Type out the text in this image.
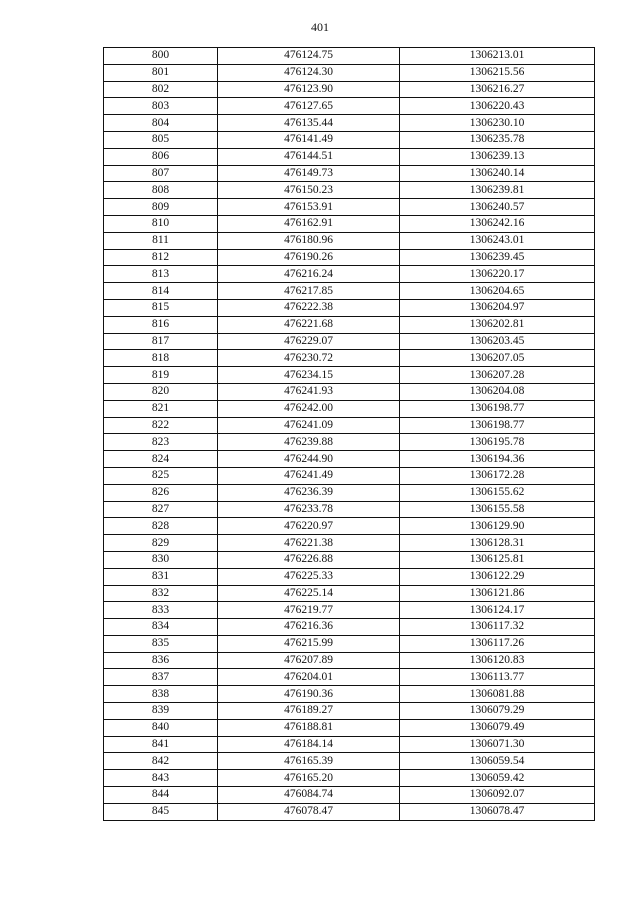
401
800	476124.75	1306213.01
801	476124.30	1306215.56
802	476123.90	1306216.27
803	476127.65	1306220.43
804	476135.44	1306230.10
805	476141.49	1306235.78
806	476144.51	1306239.13
807	476149.73	1306240.14
808	476150.23	1306239.81
809	476153.91	1306240.57
810	476162.91	1306242.16
811	476180.96	1306243.01
812	476190.26	1306239.45
813	476216.24	1306220.17
814	476217.85	1306204.65
815	476222.38	1306204.97
816	476221.68	1306202.81
817	476229.07	1306203.45
818	476230.72	1306207.05
819	476234.15	1306207.28
820	476241.93	1306204.08
821	476242.00	1306198.77
822	476241.09	1306198.77
823	476239.88	1306195.78
824	476244.90	1306194.36
825	476241.49	1306172.28
826	476236.39	1306155.62
827	476233.78	1306155.58
828	476220.97	1306129.90
829	476221.38	1306128.31
830	476226.88	1306125.81
831	476225.33	1306122.29
832	476225.14	1306121.86
833	476219.77	1306124.17
834	476216.36	1306117.32
835	476215.99	1306117.26
836	476207.89	1306120.83
837	476204.01	1306113.77
838	476190.36	1306081.88
839	476189.27	1306079.29
840	476188.81	1306079.49
841	476184.14	1306071.30
842	476165.39	1306059.54
843	476165.20	1306059.42
844	476084.74	1306092.07
845	476078.47	1306078.47
